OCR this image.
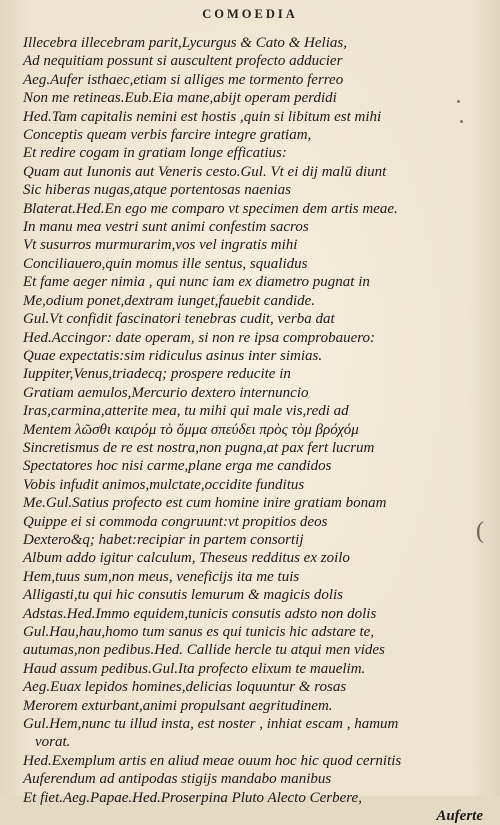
COMOEDIA
Illecebra illecebram parit,Lycurgus & Cato & Helias,
Ad nequitiam possunt si auscultent profecto adducier
Aeg.Aufer isthaec,etiam si alliges me tormento ferreo
Non me retineas.Eub.Eia mane,abijt operam perdidi
Hed.Tam capitalis nemini est hostis ,quin si libitum est mihi
Conceptis queam verbis farcire integre gratiam,
Et redire cogam in gratiam longe efficatius:
Quam aut Iunonis aut Veneris cesto.Gul. Vt ei dij malū diunt
Sic hiberas nugas,atque portentosas naenias
Blaterat.Hed.En ego me comparo vt specimen dem artis meae.
In manu mea vestri sunt animi confestim sacros
Vt susurros murmurarim,vos vel ingratis mihi
Conciliauero,quin momus ille sentus, squalidus
Et fame aeger nimia , qui nunc iam ex diametro pugnat in
Me,odium ponet,dextram iunget,fauebit candide.
Gul.Vt confidit fascinatori tenebras cudit, verba dat
Hed.Accingor: date operam, si non re ipsa comprobauero:
Quae expectatis:sim ridiculus asinus inter simias.
Iuppiter,Venus,triadecq; prospere reducite in
Gratiam aemulos,Mercurio dextero internuncio
Iras,carmina,atterite mea, tu mihi qui male vis,redi ad
Mentem λῶσθι καιρόμ τὸ ὄμμα σπεύδει πρὸς τὸμ βρόχόμ
Sincretismus de re est nostra,non pugna,at pax fert lucrum
Spectatores hoc nisi carme,plane erga me candidos
Vobis infudit animos,mulctate,occidite funditus
Me.Gul.Satius profecto est cum homine inire gratiam bonam
Quippe ei si commoda congruunt:vt propitios deos
Dextero&q; habet:recipiar in partem consortij
Album addo igitur calculum, Theseus redditus ex zoilo
Hem,tuus sum,non meus, veneficijs ita me tuis
Alligasti,tu qui hic consutis lemurum & magicis dolis
Adstas.Hed.Immo equidem,tunicis consutis adsto non dolis
Gul.Hau,hau,homo tum sanus es qui tunicis hic adstare te,
autumas,non pedibus.Hed. Callide hercle tu atqui men vides
Haud assum pedibus.Gul.Ita profecto elixum te mauelim.
Aeg.Euax lepidos homines,delicias loquuntur & rosas
Merorem exturbant,animi propulsant aegritudinem.
Gul.Hem,nunc tu illud insta, est noster , inhiat escam , hamum
vorat.
Hed.Exemplum artis en aliud meae ouum hoc hic quod cernitis
Auferendum ad antipodas stigijs mandabo manibus
Et fiet.Aeg.Papae.Hed.Proserpina Pluto Alecto Cerbere,
Auferte
(
